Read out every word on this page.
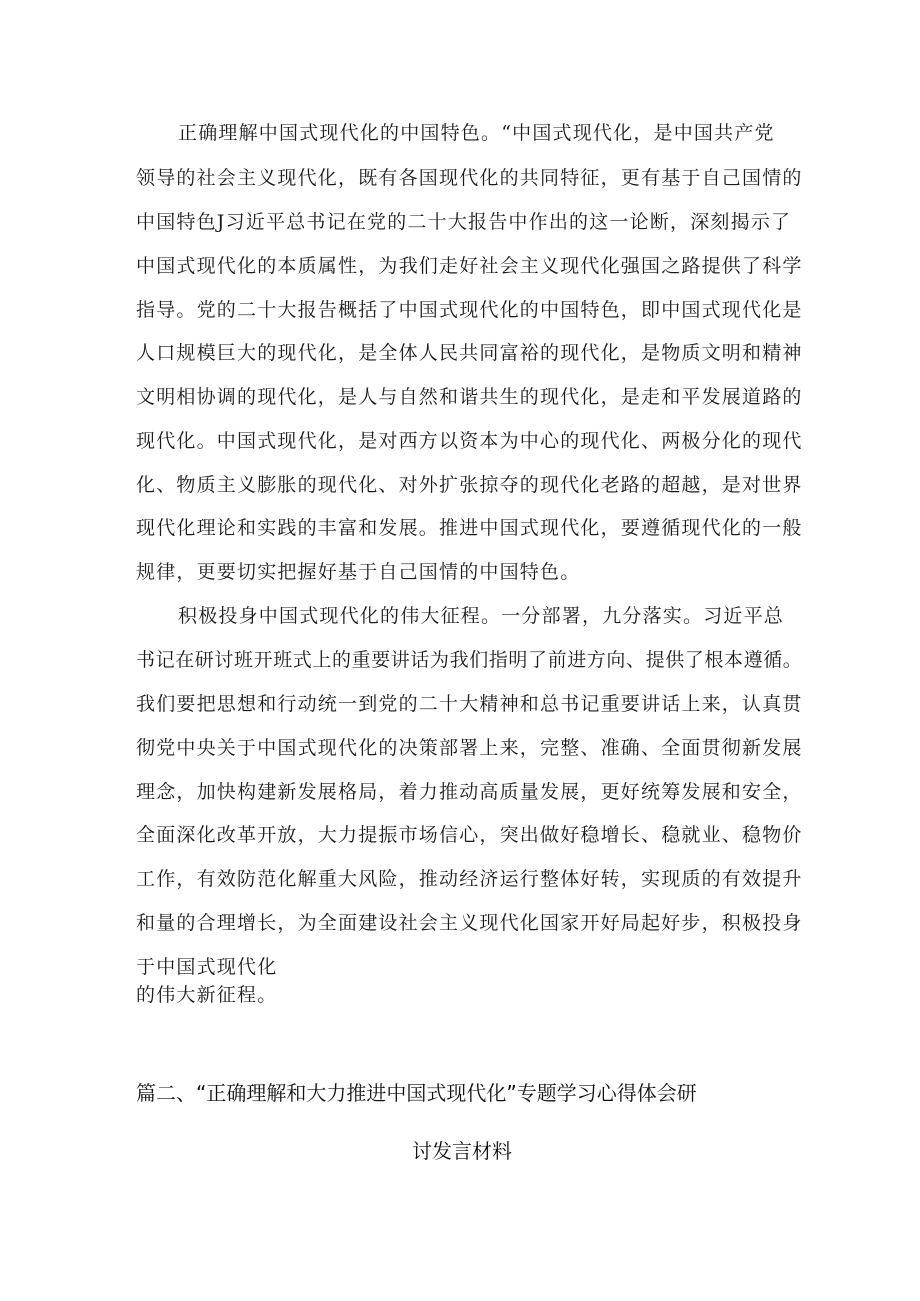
正确理解中国式现代化的中国特色。“中国式现代化，是中国共产党
领导的社会主义现代化，既有各国现代化的共同特征，更有基于自己国情的
中国特色J习近平总书记在党的二十大报告中作出的这一论断，深刻揭示了
中国式现代化的本质属性，为我们走好社会主义现代化强国之路提供了科学
指导。党的二十大报告概括了中国式现代化的中国特色，即中国式现代化是
人口规模巨大的现代化，是全体人民共同富裕的现代化，是物质文明和精神
文明相协调的现代化，是人与自然和谐共生的现代化，是走和平发展道路的
现代化。中国式现代化，是对西方以资本为中心的现代化、两极分化的现代
化、物质主义膨胀的现代化、对外扩张掠夺的现代化老路的超越，是对世界
现代化理论和实践的丰富和发展。推进中国式现代化，要遵循现代化的一般
规律，更要切实把握好基于自己国情的中国特色。
积极投身中国式现代化的伟大征程。一分部署，九分落实。习近平总
书记在研讨班开班式上的重要讲话为我们指明了前进方向、提供了根本遵循。
我们要把思想和行动统一到党的二十大精神和总书记重要讲话上来，认真贯
彻党中央关于中国式现代化的决策部署上来，完整、准确、全面贯彻新发展
理念，加快构建新发展格局，着力推动高质量发展，更好统筹发展和安全，
全面深化改革开放，大力提振市场信心，突出做好稳增长、稳就业、稳物价
工作，有效防范化解重大风险，推动经济运行整体好转，实现质的有效提升
和量的合理增长，为全面建设社会主义现代化国家开好局起好步，积极投身
于中国式现代化
的伟大新征程。
篇二、“正确理解和大力推进中国式现代化”专题学习心得体会研
讨发言材料
